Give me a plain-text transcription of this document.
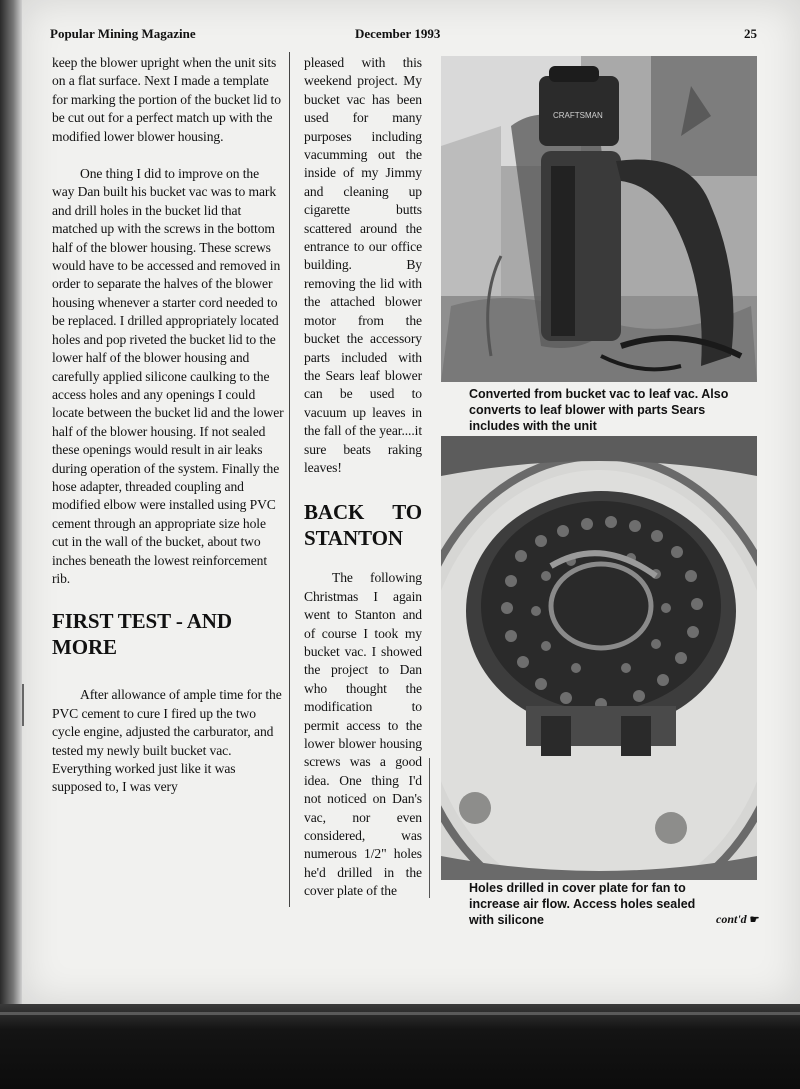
Popular Mining Magazine	December 1993	25

keep the blower upright when the unit sits on a flat surface. Next I made a template for marking the portion of the bucket lid to be cut out for a perfect match up with the modified lower blower housing.

One thing I did to improve on the way Dan built his bucket vac was to mark and drill holes in the bucket lid that matched up with the screws in the bottom half of the blower housing. These screws would have to be accessed and removed in order to separate the halves of the blower housing whenever a starter cord needed to be replaced. I drilled appropriately located holes and pop riveted the bucket lid to the lower half of the blower housing and carefully applied silicone caulking to the access holes and any openings I could locate between the bucket lid and the lower half of the blower housing. If not sealed these openings would result in air leaks during operation of the system. Finally the hose adapter, threaded coupling and modified elbow were installed using PVC cement through an appropriate size hole cut in the wall of the bucket, about two inches beneath the lowest reinforcement rib.

FIRST TEST - AND MORE

After allowance of ample time for the PVC cement to cure I fired up the two cycle engine, adjusted the carburator, and tested my newly built bucket vac. Everything worked just like it was supposed to, I was very

pleased with this weekend project. My bucket vac has been used for many purposes including vacumming out the inside of my Jimmy and cleaning up cigarette butts scattered around the entrance to our office building. By removing the lid with the attached blower motor from the bucket the accessory parts included with the Sears leaf blower can be used to vacuum up leaves in the fall of the year....it sure beats raking leaves!

BACK TO STANTON

The following Christmas I again went to Stanton and of course I took my bucket vac. I showed the project to Dan who thought the modification to permit access to the lower blower housing screws was a good idea. One thing I'd not noticed on Dan's vac, nor even considered, was numerous 1/2" holes he'd drilled in the cover plate of the

CRAFTSMAN
Converted from bucket vac to leaf vac. Also converts to leaf blower with parts Sears includes with the unit
Holes drilled in cover plate for fan to increase air flow. Access holes sealed with silicone	cont'd ☛
